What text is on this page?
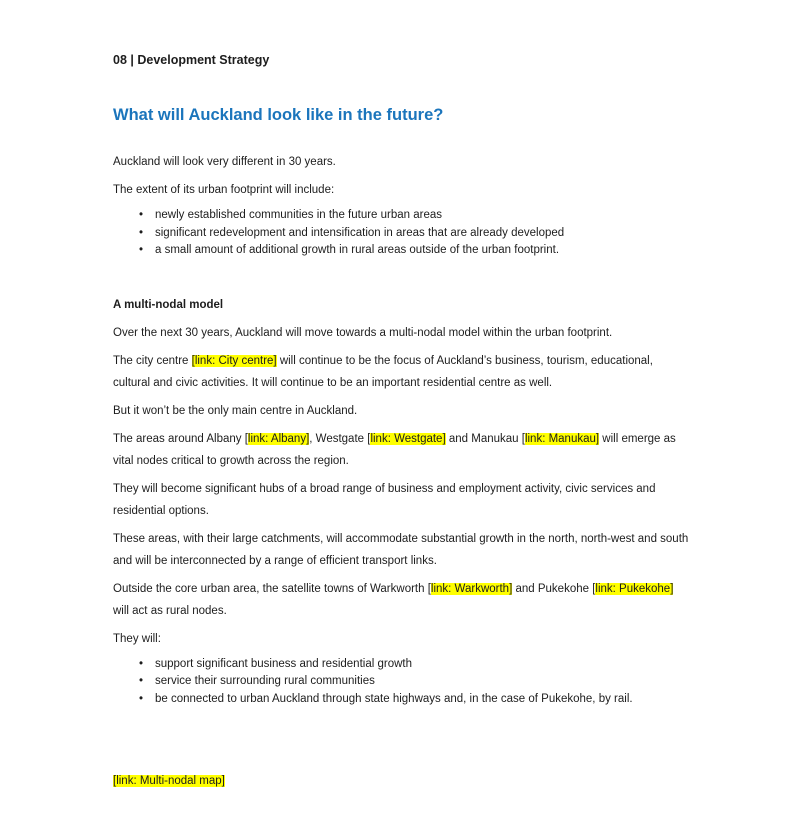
08 | Development Strategy
What will Auckland look like in the future?

Auckland will look very different in 30 years.

The extent of its urban footprint will include:

• newly established communities in the future urban areas
• significant redevelopment and intensification in areas that are already developed
• a small amount of additional growth in rural areas outside of the urban footprint.

A multi-nodal model

Over the next 30 years, Auckland will move towards a multi-nodal model within the urban footprint.

The city centre [link: City centre] will continue to be the focus of Auckland’s business, tourism, educational, cultural and civic activities. It will continue to be an important residential centre as well.

But it won’t be the only main centre in Auckland.

The areas around Albany [link: Albany], Westgate [link: Westgate] and Manukau [link: Manukau] will emerge as vital nodes critical to growth across the region.

They will become significant hubs of a broad range of business and employment activity, civic services and residential options.

These areas, with their large catchments, will accommodate substantial growth in the north, north-west and south and will be interconnected by a range of efficient transport links.

Outside the core urban area, the satellite towns of Warkworth [link: Warkworth] and Pukekohe [link: Pukekohe] will act as rural nodes.

They will:

• support significant business and residential growth
• service their surrounding rural communities
• be connected to urban Auckland through state highways and, in the case of Pukekohe, by rail.

[link: Multi-nodal map]
